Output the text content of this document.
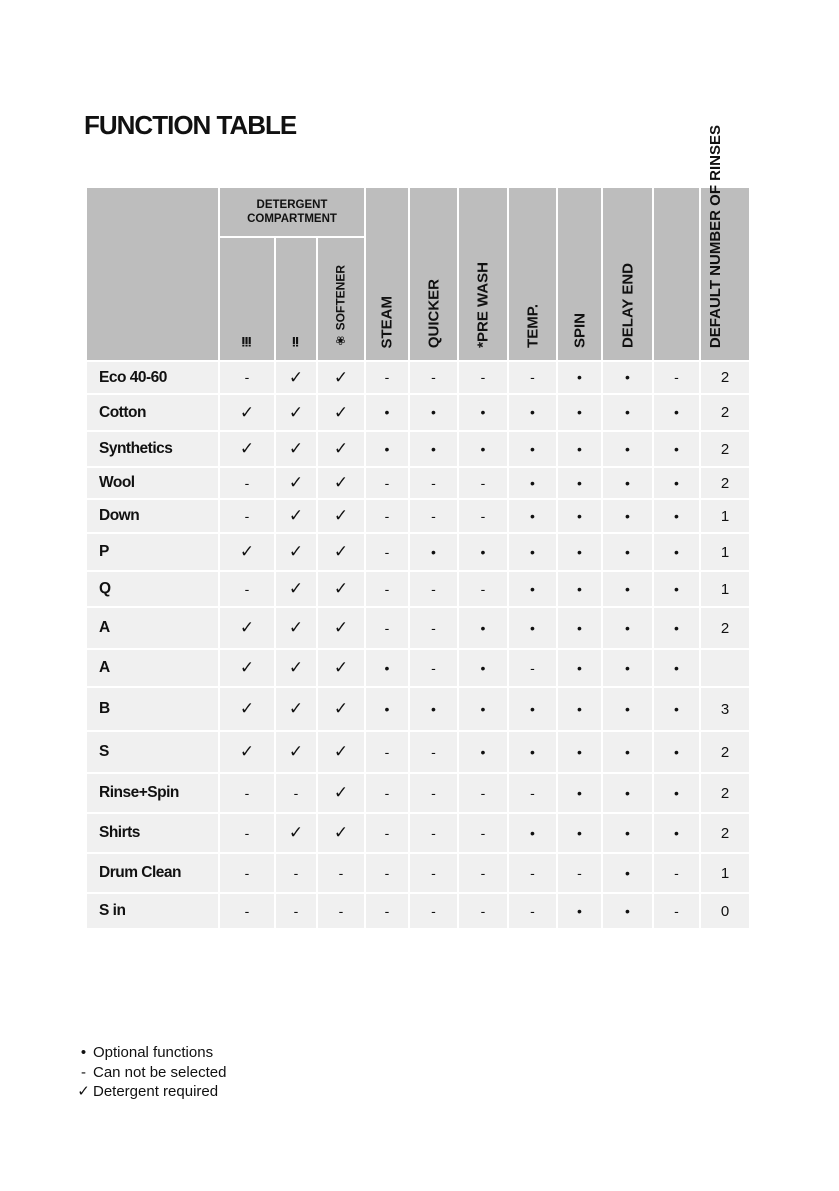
FUNCTION TABLE
	DETERGENT COMPARTMENT			STEAM	QUICKER	*PRE WASH	TEMP.	SPIN	DELAY END		DEFAULT NUMBER OF RINSES

	ⅲ	ⅱ	❀ SOFTENER								

Eco 40-60	-	✓	✓	-	-	-	-	•	•	-	2
Cotton	✓	✓	✓	•	•	•	•	•	•	•	2
Synthetics	✓	✓	✓	•	•	•	•	•	•	•	2
Wool	-	✓	✓	-	-	-	•	•	•	•	2
Down	-	✓	✓	-	-	-	•	•	•	•	1
P	✓	✓	✓	-	•	•	•	•	•	•	1
Q	-	✓	✓	-	-	-	•	•	•	•	1
A	✓	✓	✓	-	-	•	•	•	•	•	2
A	✓	✓	✓	•	-	•	-	•	•	•	
B	✓	✓	✓	•	•	•	•	•	•	•	3
S	✓	✓	✓	-	-	•	•	•	•	•	2
Rinse+Spin	-	-	✓	-	-	-	-	•	•	•	2
Shirts	-	✓	✓	-	-	-	•	•	•	•	2
Drum Clean	-	-	-	-	-	-	-	-	•	-	1
S in	-	-	-	-	-	-	-	•	•	-	0
• Optional functions
- Can not be selected
✓ Detergent required
